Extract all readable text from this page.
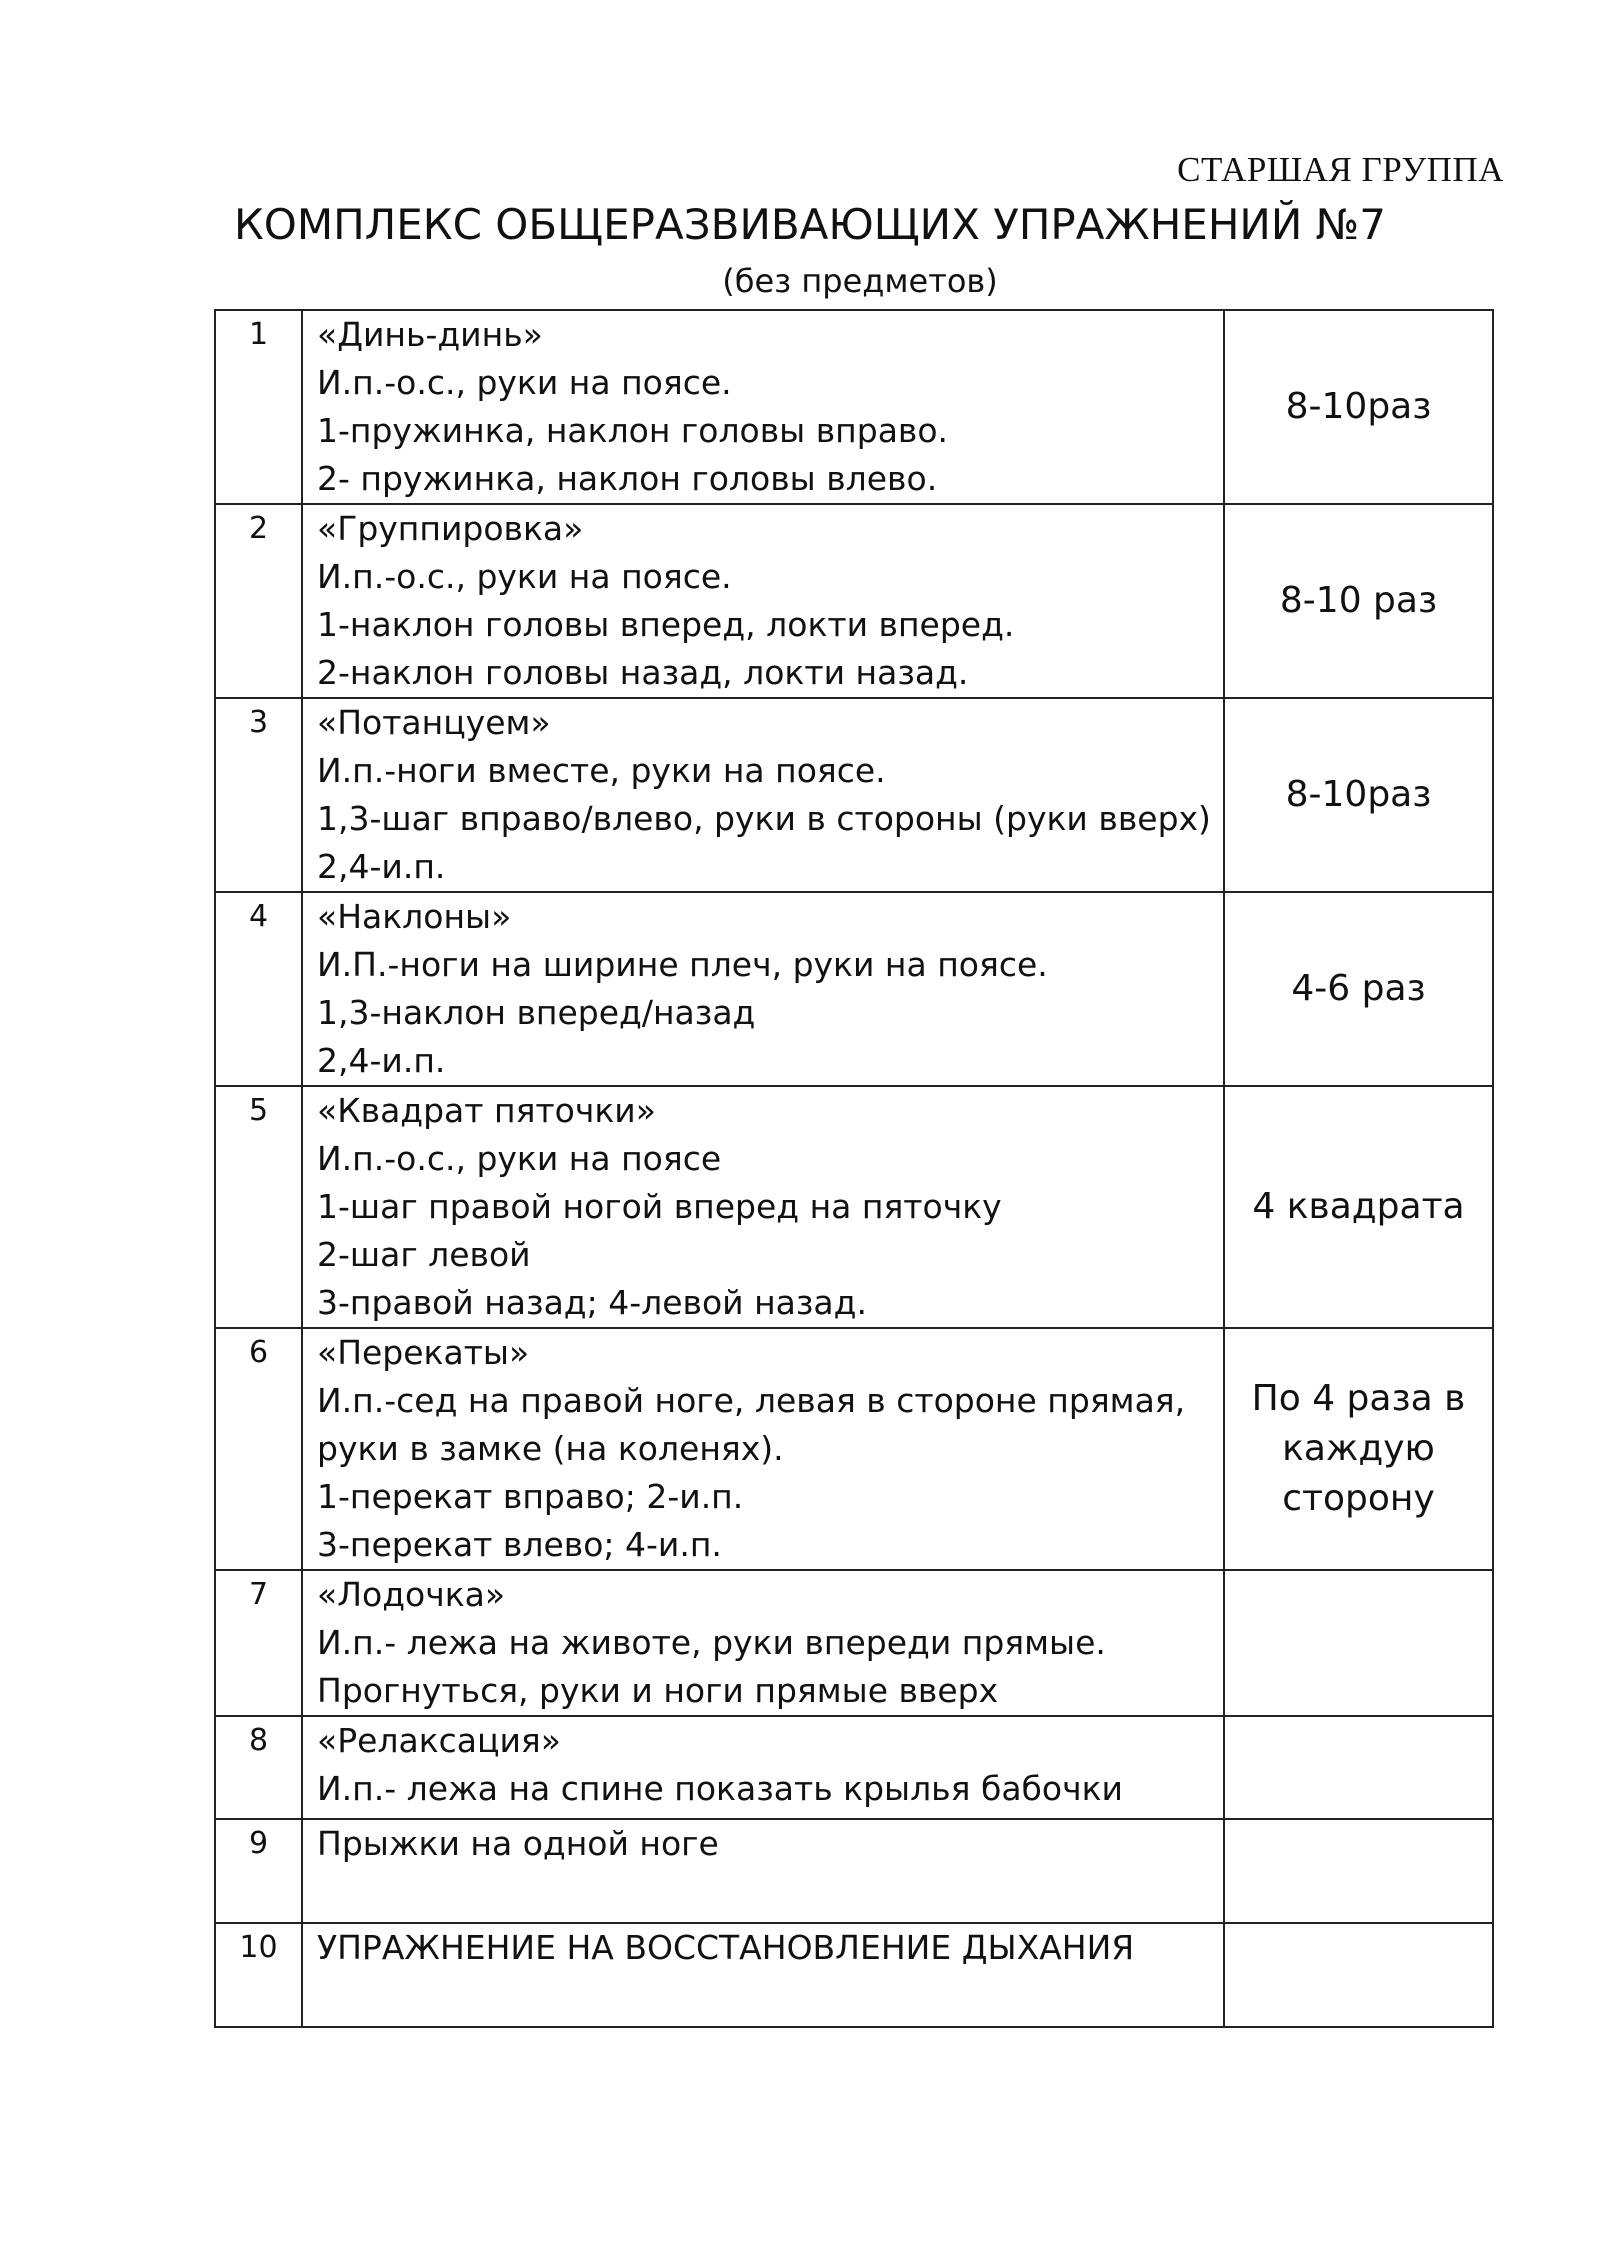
СТАРШАЯ ГРУППА
КОМПЛЕКС ОБЩЕРАЗВИВАЮЩИХ УПРАЖНЕНИЙ №7
(без предметов)
1	«Динь-динь»
И.п.-о.с., руки на поясе.
1-пружинка, наклон головы вправо.
2- пружинка, наклон головы влево.	8-10раз

2	«Группировка»
И.п.-о.с., руки на поясе.
1-наклон головы вперед, локти вперед.
2-наклон головы назад, локти назад.	8-10 раз

3	«Потанцуем»
И.п.-ноги вместе, руки на поясе.
1,3-шаг вправо/влево, руки в стороны (руки вверх)
2,4-и.п.	8-10раз

4	«Наклоны»
И.П.-ноги на ширине плеч, руки на поясе.
1,3-наклон вперед/назад
2,4-и.п.	4-6 раз

5	«Квадрат пяточки»
И.п.-о.с., руки на поясе
1-шаг правой ногой вперед на пяточку
2-шаг левой
3-правой назад; 4-левой назад.	4 квадрата

6	«Перекаты»
И.п.-сед на правой ноге, левая в стороне прямая,
руки в замке (на коленях).
1-перекат вправо; 2-и.п.
3-перекат влево; 4-и.п.	По 4 раза в
каждую
сторону

7	«Лодочка»
И.п.- лежа на животе, руки впереди прямые.
Прогнуться, руки и ноги прямые вверх	

8	«Релаксация»
И.п.- лежа на спине показать крылья бабочки	

9	Прыжки на одной ноге	

10	УПРАЖНЕНИЕ НА ВОССТАНОВЛЕНИЕ ДЫХАНИЯ	
